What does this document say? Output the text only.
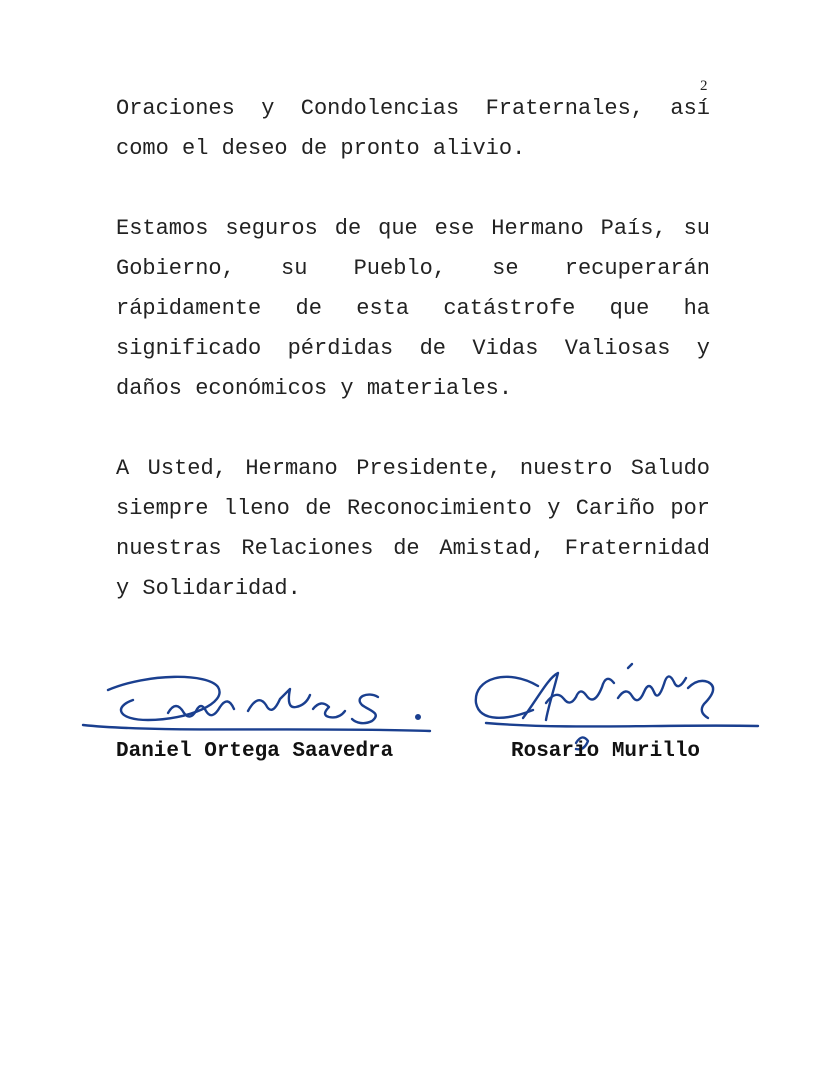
2

Oraciones y Condolencias Fraternales, así como el deseo de pronto alivio.

Estamos seguros de que ese Hermano País, su Gobierno, su Pueblo, se recuperarán rápidamente de esta catástrofe que ha significado pérdidas de Vidas Valiosas y daños económicos y materiales.

A Usted, Hermano Presidente, nuestro Saludo siempre lleno de Reconocimiento y Cariño por nuestras Relaciones de Amistad, Fraternidad y Solidaridad.

Daniel Ortega Saavedra	Rosario Murillo
